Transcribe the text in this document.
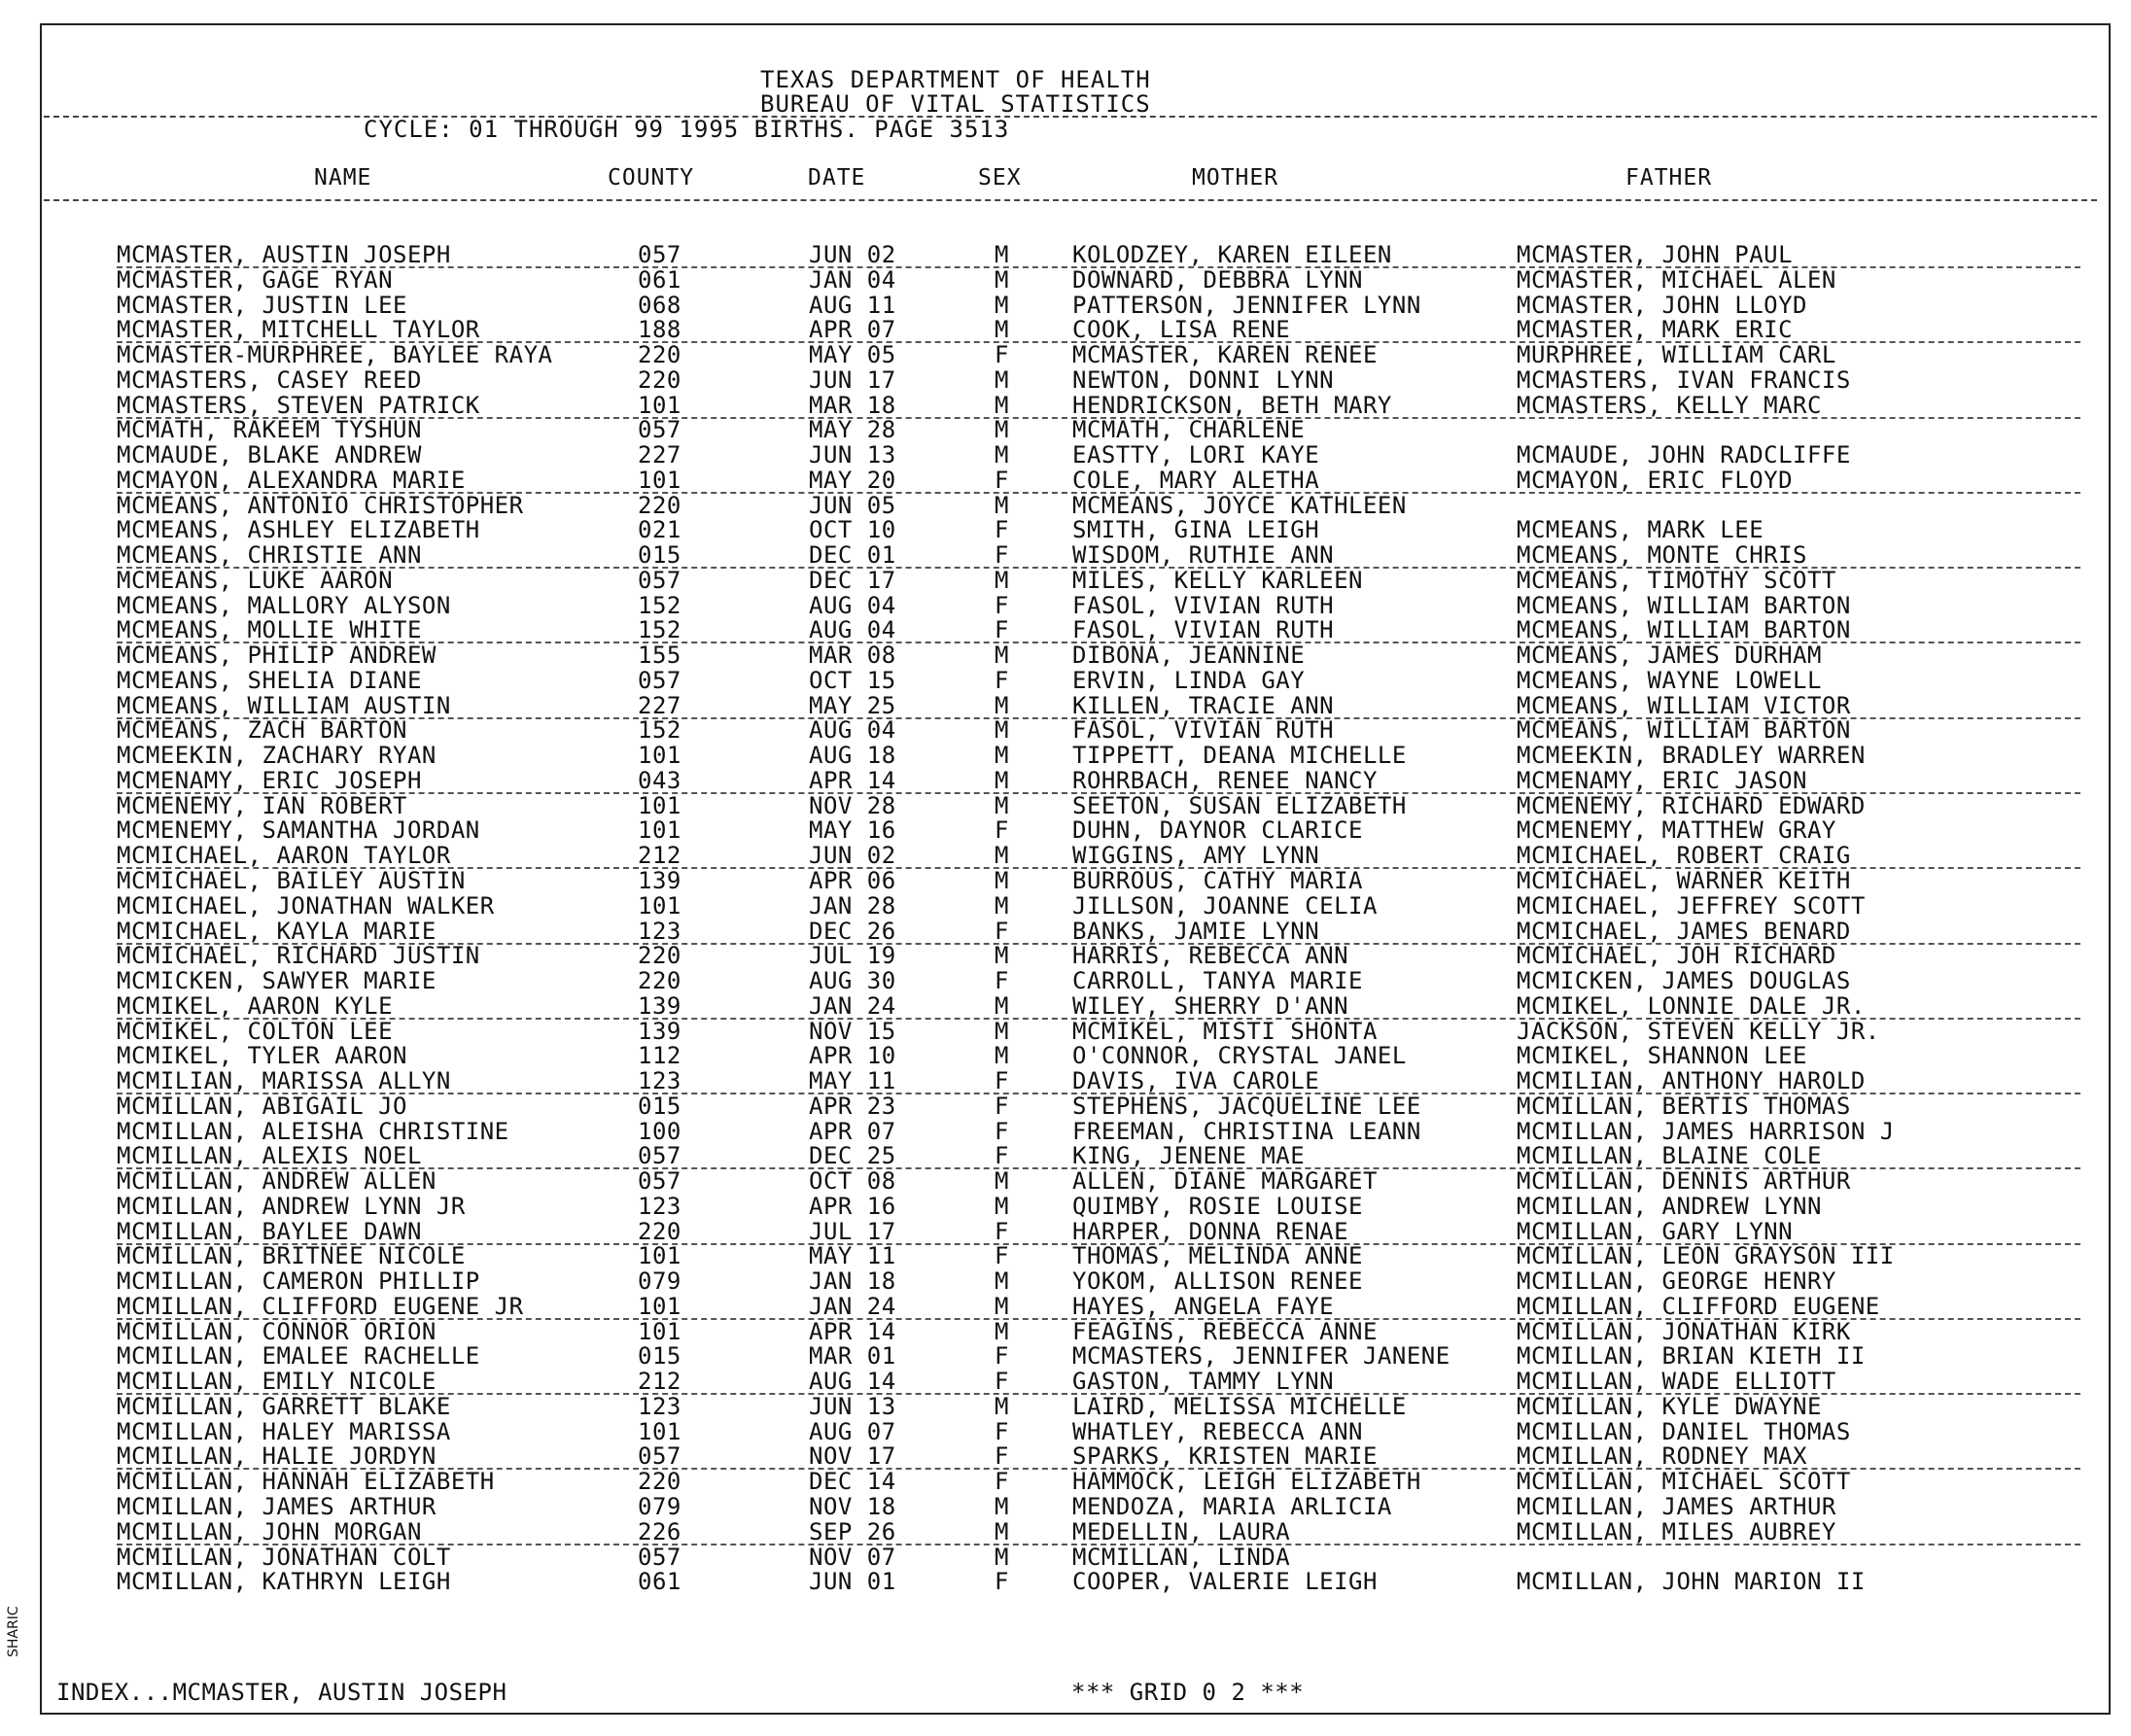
TEXAS DEPARTMENT OF HEALTH
BUREAU OF VITAL STATISTICS
CYCLE: 01 THROUGH 99 1995 BIRTHS. PAGE 3513
NAME	COUNTY	DATE	SEX	MOTHER	FATHER
MCMASTER, AUSTIN JOSEPH	057	JUN 02	M	KOLODZEY, KAREN EILEEN	MCMASTER, JOHN PAUL
MCMASTER, GAGE RYAN	061	JAN 04	M	DOWNARD, DEBBRA LYNN	MCMASTER, MICHAEL ALEN
MCMASTER, JUSTIN LEE	068	AUG 11	M	PATTERSON, JENNIFER LYNN	MCMASTER, JOHN LLOYD
MCMASTER, MITCHELL TAYLOR	188	APR 07	M	COOK, LISA RENE	MCMASTER, MARK ERIC
MCMASTER-MURPHREE, BAYLEE RAYA	220	MAY 05	F	MCMASTER, KAREN RENEE	MURPHREE, WILLIAM CARL
MCMASTERS, CASEY REED	220	JUN 17	M	NEWTON, DONNI LYNN	MCMASTERS, IVAN FRANCIS
MCMASTERS, STEVEN PATRICK	101	MAR 18	M	HENDRICKSON, BETH MARY	MCMASTERS, KELLY MARC
MCMATH, RAKEEM TYSHUN	057	MAY 28	M	MCMATH, CHARLENE
MCMAUDE, BLAKE ANDREW	227	JUN 13	M	EASTTY, LORI KAYE	MCMAUDE, JOHN RADCLIFFE
MCMAYON, ALEXANDRA MARIE	101	MAY 20	F	COLE, MARY ALETHA	MCMAYON, ERIC FLOYD
MCMEANS, ANTONIO CHRISTOPHER	220	JUN 05	M	MCMEANS, JOYCE KATHLEEN
MCMEANS, ASHLEY ELIZABETH	021	OCT 10	F	SMITH, GINA LEIGH	MCMEANS, MARK LEE
MCMEANS, CHRISTIE ANN	015	DEC 01	F	WISDOM, RUTHIE ANN	MCMEANS, MONTE CHRIS
MCMEANS, LUKE AARON	057	DEC 17	M	MILES, KELLY KARLEEN	MCMEANS, TIMOTHY SCOTT
MCMEANS, MALLORY ALYSON	152	AUG 04	F	FASOL, VIVIAN RUTH	MCMEANS, WILLIAM BARTON
MCMEANS, MOLLIE WHITE	152	AUG 04	F	FASOL, VIVIAN RUTH	MCMEANS, WILLIAM BARTON
MCMEANS, PHILIP ANDREW	155	MAR 08	M	DIBONA, JEANNINE	MCMEANS, JAMES DURHAM
MCMEANS, SHELIA DIANE	057	OCT 15	F	ERVIN, LINDA GAY	MCMEANS, WAYNE LOWELL
MCMEANS, WILLIAM AUSTIN	227	MAY 25	M	KILLEN, TRACIE ANN	MCMEANS, WILLIAM VICTOR
MCMEANS, ZACH BARTON	152	AUG 04	M	FASOL, VIVIAN RUTH	MCMEANS, WILLIAM BARTON
MCMEEKIN, ZACHARY RYAN	101	AUG 18	M	TIPPETT, DEANA MICHELLE	MCMEEKIN, BRADLEY WARREN
MCMENAMY, ERIC JOSEPH	043	APR 14	M	ROHRBACH, RENEE NANCY	MCMENAMY, ERIC JASON
MCMENEMY, IAN ROBERT	101	NOV 28	M	SEETON, SUSAN ELIZABETH	MCMENEMY, RICHARD EDWARD
MCMENEMY, SAMANTHA JORDAN	101	MAY 16	F	DUHN, DAYNOR CLARICE	MCMENEMY, MATTHEW GRAY
MCMICHAEL, AARON TAYLOR	212	JUN 02	M	WIGGINS, AMY LYNN	MCMICHAEL, ROBERT CRAIG
MCMICHAEL, BAILEY AUSTIN	139	APR 06	M	BURROUS, CATHY MARIA	MCMICHAEL, WARNER KEITH
MCMICHAEL, JONATHAN WALKER	101	JAN 28	M	JILLSON, JOANNE CELIA	MCMICHAEL, JEFFREY SCOTT
MCMICHAEL, KAYLA MARIE	123	DEC 26	F	BANKS, JAMIE LYNN	MCMICHAEL, JAMES BENARD
MCMICHAEL, RICHARD JUSTIN	220	JUL 19	M	HARRIS, REBECCA ANN	MCMICHAEL, JOH RICHARD
MCMICKEN, SAWYER MARIE	220	AUG 30	F	CARROLL, TANYA MARIE	MCMICKEN, JAMES DOUGLAS
MCMIKEL, AARON KYLE	139	JAN 24	M	WILEY, SHERRY D'ANN	MCMIKEL, LONNIE DALE JR.
MCMIKEL, COLTON LEE	139	NOV 15	M	MCMIKEL, MISTI SHONTA	JACKSON, STEVEN KELLY JR.
MCMIKEL, TYLER AARON	112	APR 10	M	O'CONNOR, CRYSTAL JANEL	MCMIKEL, SHANNON LEE
MCMILIAN, MARISSA ALLYN	123	MAY 11	F	DAVIS, IVA CAROLE	MCMILIAN, ANTHONY HAROLD
MCMILLAN, ABIGAIL JO	015	APR 23	F	STEPHENS, JACQUELINE LEE	MCMILLAN, BERTIS THOMAS
MCMILLAN, ALEISHA CHRISTINE	100	APR 07	F	FREEMAN, CHRISTINA LEANN	MCMILLAN, JAMES HARRISON J
MCMILLAN, ALEXIS NOEL	057	DEC 25	F	KING, JENENE MAE	MCMILLAN, BLAINE COLE
MCMILLAN, ANDREW ALLEN	057	OCT 08	M	ALLEN, DIANE MARGARET	MCMILLAN, DENNIS ARTHUR
MCMILLAN, ANDREW LYNN JR	123	APR 16	M	QUIMBY, ROSIE LOUISE	MCMILLAN, ANDREW LYNN
MCMILLAN, BAYLEE DAWN	220	JUL 17	F	HARPER, DONNA RENAE	MCMILLAN, GARY LYNN
MCMILLAN, BRITNEE NICOLE	101	MAY 11	F	THOMAS, MELINDA ANNE	MCMILLAN, LEON GRAYSON III
MCMILLAN, CAMERON PHILLIP	079	JAN 18	M	YOKOM, ALLISON RENEE	MCMILLAN, GEORGE HENRY
MCMILLAN, CLIFFORD EUGENE JR	101	JAN 24	M	HAYES, ANGELA FAYE	MCMILLAN, CLIFFORD EUGENE
MCMILLAN, CONNOR ORION	101	APR 14	M	FEAGINS, REBECCA ANNE	MCMILLAN, JONATHAN KIRK
MCMILLAN, EMALEE RACHELLE	015	MAR 01	F	MCMASTERS, JENNIFER JANENE	MCMILLAN, BRIAN KIETH II
MCMILLAN, EMILY NICOLE	212	AUG 14	F	GASTON, TAMMY LYNN	MCMILLAN, WADE ELLIOTT
MCMILLAN, GARRETT BLAKE	123	JUN 13	M	LAIRD, MELISSA MICHELLE	MCMILLAN, KYLE DWAYNE
MCMILLAN, HALEY MARISSA	101	AUG 07	F	WHATLEY, REBECCA ANN	MCMILLAN, DANIEL THOMAS
MCMILLAN, HALIE JORDYN	057	NOV 17	F	SPARKS, KRISTEN MARIE	MCMILLAN, RODNEY MAX
MCMILLAN, HANNAH ELIZABETH	220	DEC 14	F	HAMMOCK, LEIGH ELIZABETH	MCMILLAN, MICHAEL SCOTT
MCMILLAN, JAMES ARTHUR	079	NOV 18	M	MENDOZA, MARIA ARLICIA	MCMILLAN, JAMES ARTHUR
MCMILLAN, JOHN MORGAN	226	SEP 26	M	MEDELLIN, LAURA	MCMILLAN, MILES AUBREY
MCMILLAN, JONATHAN COLT	057	NOV 07	M	MCMILLAN, LINDA
MCMILLAN, KATHRYN LEIGH	061	JUN 01	F	COOPER, VALERIE LEIGH	MCMILLAN, JOHN MARION II
INDEX...MCMASTER, AUSTIN JOSEPH	*** GRID 0 2 ***
SHARIC
